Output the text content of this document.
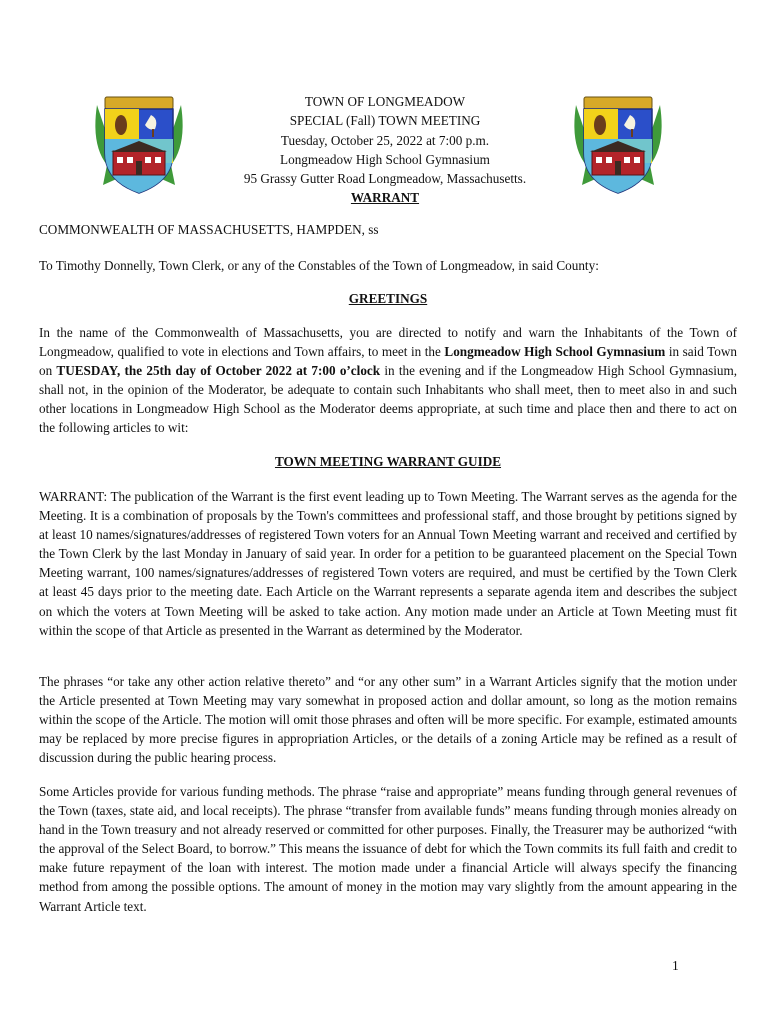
TOWN OF LONGMEADOW
SPECIAL (Fall) TOWN MEETING
Tuesday, October 25, 2022 at 7:00 p.m.
Longmeadow High School Gymnasium
95 Grassy Gutter Road Longmeadow, Massachusetts.
WARRANT
COMMONWEALTH OF MASSACHUSETTS, HAMPDEN, ss
To Timothy Donnelly, Town Clerk, or any of the Constables of the Town of Longmeadow, in said County:
GREETINGS
In the name of the Commonwealth of Massachusetts, you are directed to notify and warn the Inhabitants of the Town of Longmeadow, qualified to vote in elections and Town affairs, to meet in the Longmeadow High School Gymnasium in said Town on TUESDAY, the 25th day of October 2022 at 7:00 o’clock in the evening and if the Longmeadow High School Gymnasium, shall not, in the opinion of the Moderator, be adequate to contain such Inhabitants who shall meet, then to meet also in and such other locations in Longmeadow High School as the Moderator deems appropriate, at such time and place then and there to act on the following articles to wit:
TOWN MEETING WARRANT GUIDE
WARRANT: The publication of the Warrant is the first event leading up to Town Meeting. The Warrant serves as the agenda for the Meeting. It is a combination of proposals by the Town's committees and professional staff, and those brought by petitions signed by at least 10 names/signatures/addresses of registered Town voters for an Annual Town Meeting warrant and received and certified by the Town Clerk by the last Monday in January of said year. In order for a petition to be guaranteed placement on the Special Town Meeting warrant, 100 names/signatures/addresses of registered Town voters are required, and must be certified by the Town Clerk at least 45 days prior to the meeting date. Each Article on the Warrant represents a separate agenda item and describes the subject on which the voters at Town Meeting will be asked to take action. Any motion made under an Article at Town Meeting must fit within the scope of that Article as presented in the Warrant as determined by the Moderator.
The phrases “or take any other action relative thereto” and “or any other sum” in a Warrant Articles signify that the motion under the Article presented at Town Meeting may vary somewhat in proposed action and dollar amount, so long as the motion remains within the scope of the Article. The motion will omit those phrases and often will be more specific. For example, estimated amounts may be replaced by more precise figures in appropriation Articles, or the details of a zoning Article may be refined as a result of discussion during the public hearing process.
Some Articles provide for various funding methods. The phrase “raise and appropriate” means funding through general revenues of the Town (taxes, state aid, and local receipts). The phrase “transfer from available funds” means funding through monies already on hand in the Town treasury and not already reserved or committed for other purposes. Finally, the Treasurer may be authorized “with the approval of the Select Board, to borrow.” This means the issuance of debt for which the Town commits its full faith and credit to make future repayment of the loan with interest. The motion made under a financial Article will always specify the financing method from among the possible options. The amount of money in the motion may vary slightly from the amount appearing in the Warrant Article text.
1
